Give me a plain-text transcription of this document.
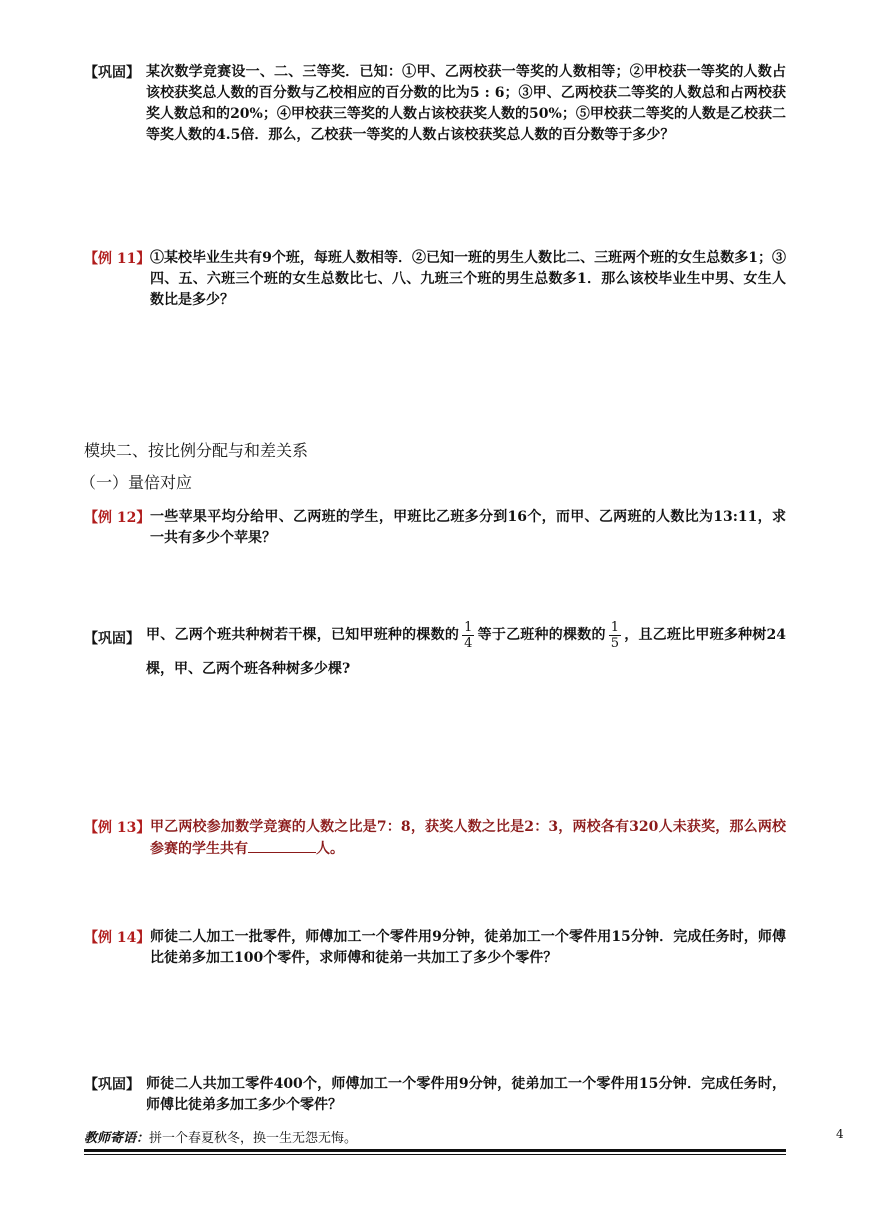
【巩固】 某次数学竞赛设一、二、三等奖．已知：①甲、乙两校获一等奖的人数相等；②甲校获一等奖的人数占该校获奖总人数的百分数与乙校相应的百分数的比为5 : 6；③甲、乙两校获二等奖的人数总和占两校获奖人数总和的20%；④甲校获三等奖的人数占该校获奖人数的50%；⑤甲校获二等奖的人数是乙校获二等奖人数的4.5倍．那么，乙校获一等奖的人数占该校获奖总人数的百分数等于多少？
【例 11】 ①某校毕业生共有9个班，每班人数相等．②已知一班的男生人数比二、三班两个班的女生总数多1；③四、五、六班三个班的女生总数比七、八、九班三个班的男生总数多1．那么该校毕业生中男、女生人数比是多少？
模块二、按比例分配与和差关系
（一）量倍对应
【例 12】 一些苹果平均分给甲、乙两班的学生，甲班比乙班多分到16个，而甲、乙两班的人数比为13:11，求一共有多少个苹果？
【巩固】 甲、乙两个班共种树若干棵，已知甲班种的棵数的 $\frac{1}{4}$ 等于乙班种的棵数的 $\frac{1}{5}$ ，且乙班比甲班多种树24棵，甲、乙两个班各种树多少棵?
【例 13】 甲乙两校参加数学竞赛的人数之比是7：8，获奖人数之比是2：3，两校各有320人未获奖，那么两校参赛的学生共有	人。
【例 14】 师徒二人加工一批零件，师傅加工一个零件用9分钟，徒弟加工一个零件用15分钟．完成任务时，师傅比徒弟多加工100个零件，求师傅和徒弟一共加工了多少个零件？
【巩固】 师徒二人共加工零件400个，师傅加工一个零件用9分钟，徒弟加工一个零件用15分钟．完成任务时，师傅比徒弟多加工多少个零件？
教师寄语：拼一个春夏秋冬，换一生无怨无悔。	4
